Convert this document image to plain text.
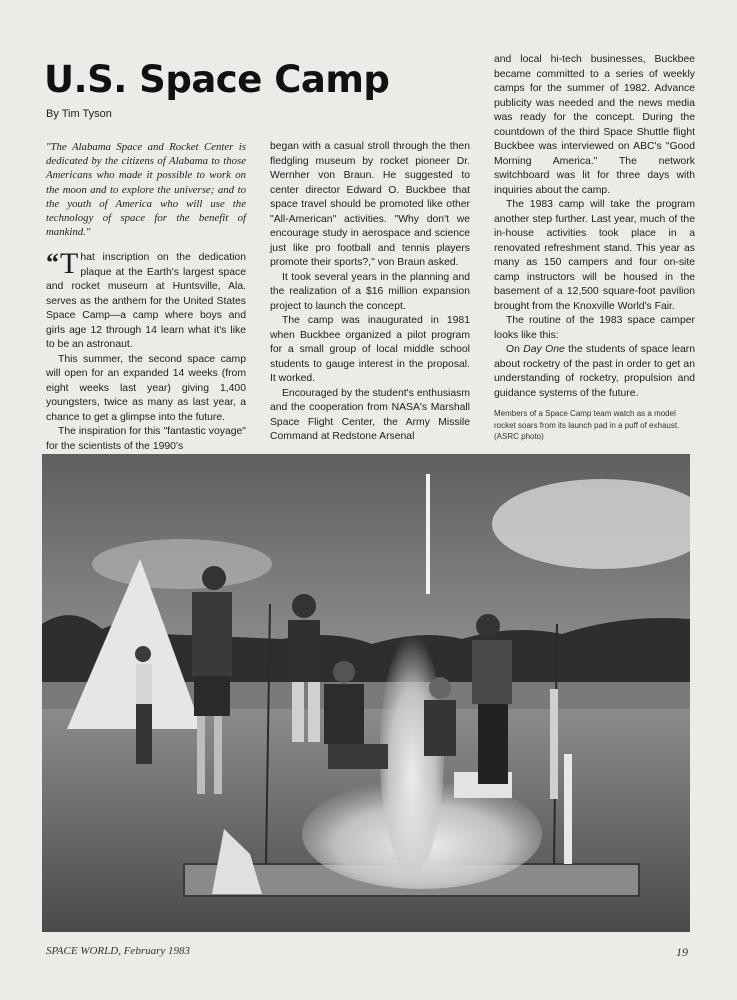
U.S. Space Camp

By Tim Tyson

"The Alabama Space and Rocket Center is dedicated by the citizens of Alabama to those Americans who made it possible to work on the moon and to explore the universe; and to the youth of America who will use the technology of space for the benefit of mankind."

“ T hat inscription on the dedication plaque at the Earth's largest space and rocket museum at Huntsville, Ala. serves as the anthem for the United States Space Camp—a camp where boys and girls age 12 through 14 learn what it's like to be an astronaut.

This summer, the second space camp will open for an expanded 14 weeks (from eight weeks last year) giving 1,400 youngsters, twice as many as last year, a chance to get a glimpse into the future.

The inspiration for this "fantastic voyage" for the scientists of the 1990's

began with a casual stroll through the then fledgling museum by rocket pioneer Dr. Wernher von Braun. He suggested to center director Edward O. Buckbee that space travel should be promoted like other "All-American" activities. "Why don't we encourage study in aerospace and science just like pro football and tennis players promote their sports?," von Braun asked.

It took several years in the planning and the realization of a $16 million expansion project to launch the concept.

The camp was inaugurated in 1981 when Buckbee organized a pilot program for a small group of local middle school students to gauge interest in the proposal. It worked.

Encouraged by the student's enthusiasm and the cooperation from NASA's Marshall Space Flight Center, the Army Missile Command at Redstone Arsenal

and local hi-tech businesses, Buckbee became committed to a series of weekly camps for the summer of 1982. Advance publicity was needed and the news media was ready for the concept. During the countdown of the third Space Shuttle flight Buckbee was interviewed on ABC's "Good Morning America." The network switchboard was lit for three days with inquiries about the camp.

The 1983 camp will take the program another step further. Last year, much of the in-house activities took place in a renovated refreshment stand. This year as many as 150 campers and four on-site camp instructors will be housed in the basement of a 12,500 square-foot pavilion brought from the Knoxville World's Fair.

The routine of the 1983 space camper looks like this:

On Day One the students of space learn about rocketry of the past in order to get an understanding of rocketry, propulsion and guidance systems of the future.

Members of a Space Camp team watch as a model rocket soars from its launch pad in a puff of exhaust. (ASRC photo)

SPACE WORLD, February 1983	19
